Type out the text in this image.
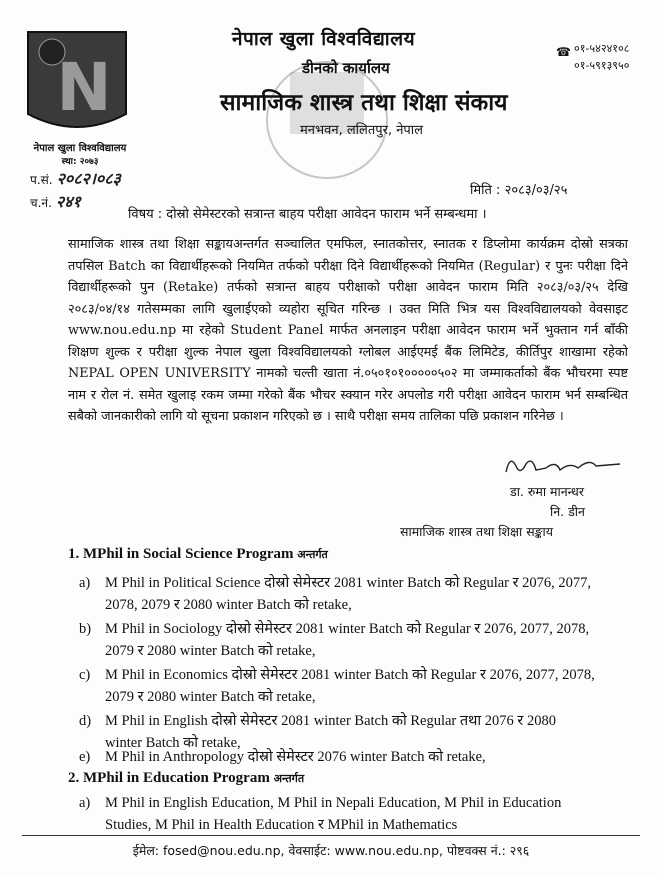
N
नेपाल खुला विश्वविद्यालय
स्था: २०७३
नेपाल खुला विश्वविद्यालय
डीनको कार्यालय
सामाजिक शास्त्र तथा शिक्षा संकाय
मनभवन, ललितपुर, नेपाल
☎ ०१-५४२४१०८
०१-५९१३९५०
प.सं. २०८२।०८३
च.नं. २४१
मिति : २०८३/०३/२५
विषय : दोस्रो सेमेस्टरको सत्रान्त बाहय परीक्षा आवेदन फाराम भर्ने सम्बन्धमा ।
सामाजिक शास्त्र तथा शिक्षा सङ्कायअन्तर्गत सञ्चालित एमफिल, स्नातकोत्तर, स्नातक र डिप्लोमा कार्यक्रम दोस्रो सत्रका तपसिल Batch का विद्यार्थीहरूको नियमित तर्फको परीक्षा दिने विद्यार्थीहरूको नियमित (Regular) र पुनः परीक्षा दिने विद्यार्थीहरूको पुन (Retake) तर्फको सत्रान्त बाहय परीक्षाको परीक्षा आवेदन फाराम मिति २०८३/०३/२५ देखि २०८३/०४/१४ गतेसम्मका लागि खुलाईएको व्यहोरा सूचित गरिन्छ । उक्त मिति भित्र यस विश्वविद्यालयको वेवसाइट www.nou.edu.np मा रहेको Student Panel मार्फत अनलाइन परीक्षा आवेदन फाराम भर्ने भुक्तान गर्न बाँकी शिक्षण शुल्क र परीक्षा शुल्क नेपाल खुला विश्वविद्यालयको ग्लोबल आईएमई बैंक लिमिटेड, कीर्तिपुर शाखामा रहेको NEPAL OPEN UNIVERSITY नामको चल्ती खाता नं.०५०१०१०००००५०२ मा जम्माकर्ताको बैंक भौचरमा स्पष्ट नाम र रोल नं. समेत खुलाइ रकम जम्मा गरेको बैंक भौचर स्क्यान गरेर अपलोड गरी परीक्षा आवेदन फाराम भर्न सम्बन्धित सबैको जानकारीको लागि यो सूचना प्रकाशन गरिएको छ । साथै परीक्षा समय तालिका पछि प्रकाशन गरिनेछ ।
डा. रुमा मानन्धर
नि. डीन
सामाजिक शास्त्र तथा शिक्षा सङ्काय
1. MPhil in Social Science Program अन्तर्गत
a) M Phil in Political Science दोस्रो सेमेस्टर 2081 winter Batch को Regular र 2076, 2077, 2078, 2079 र 2080 winter Batch को retake,
b) M Phil in Sociology दोस्रो सेमेस्टर 2081 winter Batch को Regular र 2076, 2077, 2078, 2079 र 2080 winter Batch को retake,
c) M Phil in Economics दोस्रो सेमेस्टर 2081 winter Batch को Regular र 2076, 2077, 2078, 2079 र 2080 winter Batch को retake,
d) M Phil in English दोस्रो सेमेस्टर 2081 winter Batch को Regular तथा 2076 र 2080 winter Batch को retake,
e) M Phil in Anthropology दोस्रो सेमेस्टर 2076 winter Batch को retake,
2. MPhil in Education Program अन्तर्गत
a) M Phil in English Education, M Phil in Nepali Education, M Phil in Education Studies, M Phil in Health Education र MPhil in Mathematics
ईमेल: fosed@nou.edu.np, वेवसाईट: www.nou.edu.np, पोष्टवक्स नं.: २९६
